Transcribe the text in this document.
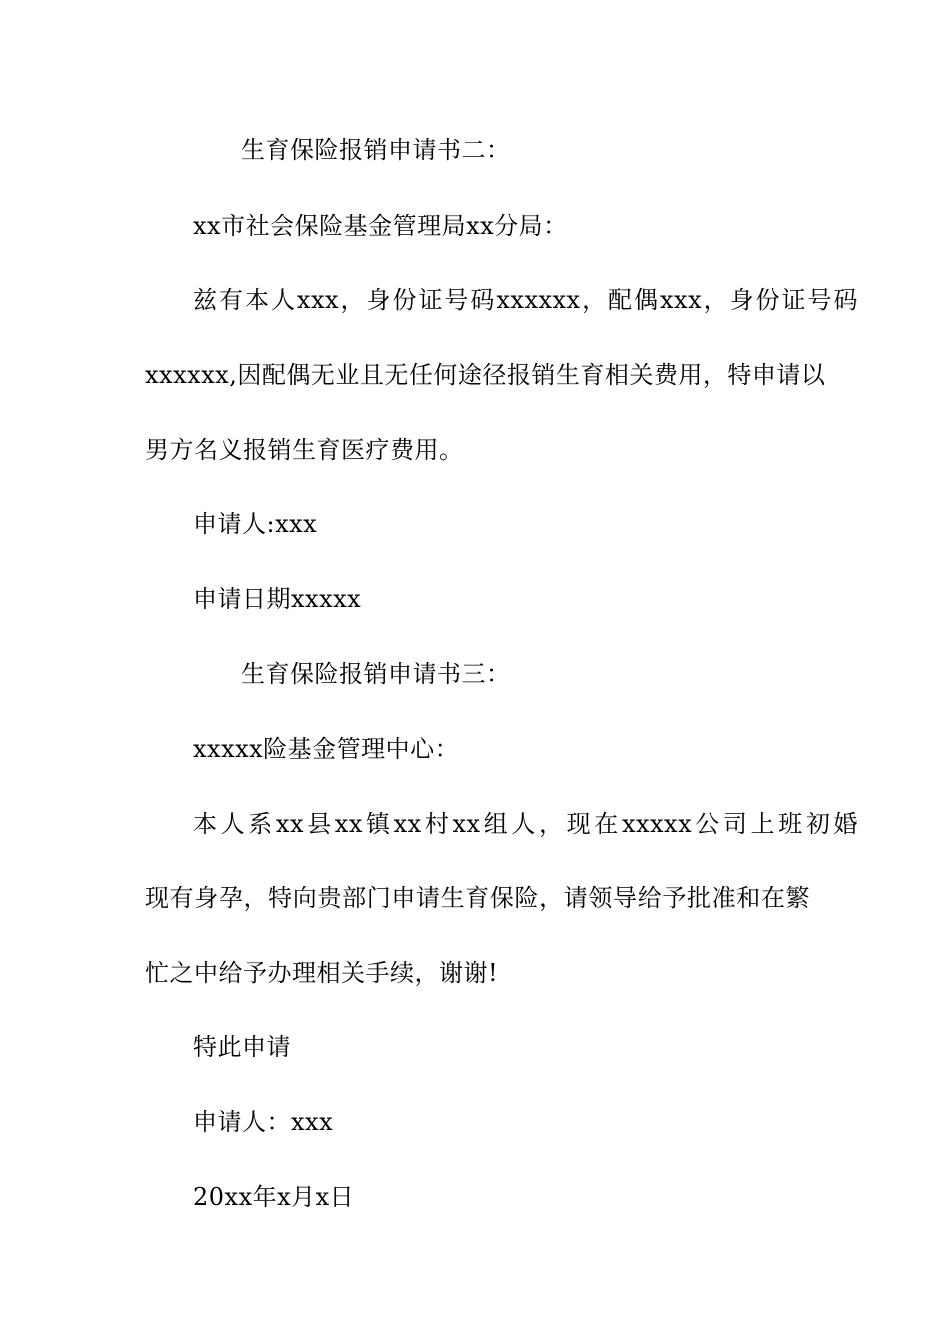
生育保险报销申请书二：
xx市社会保险基金管理局xx分局：
兹有本人xxx，身份证号码xxxxxx，配偶xxx，身份证号码
xxxxxx,因配偶无业且无任何途径报销生育相关费用，特申请以
男方名义报销生育医疗费用。
申请人:xxx
申请日期xxxxx
生育保险报销申请书三：
xxxxx险基金管理中心：
本人系xx县xx镇xx村xx组人，现在xxxxx公司上班初婚
现有身孕，特向贵部门申请生育保险，请领导给予批准和在繁
忙之中给予办理相关手续，谢谢!
特此申请
申请人：xxx
20xx年x月x日
